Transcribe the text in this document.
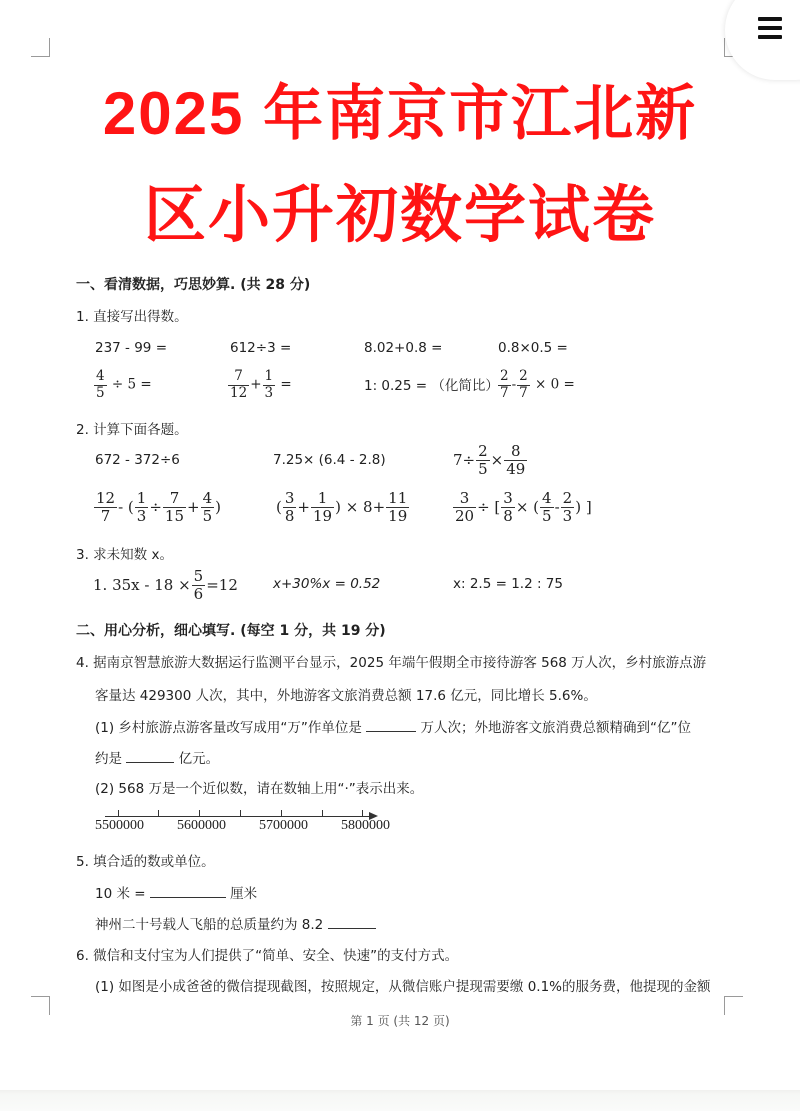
2025 年南京市江北新
区小升初数学试卷
一、看清数据，巧思妙算. (共 28 分)
1. 直接写出得数。
237 - 99 =	612÷3 =	8.02+0.8 =	0.8×0.5 =
$\frac{4}{5} \div 5$ =	$\frac{7}{12} + \frac{1}{3}$ =	1: 0.25 = （化简比） $\frac{2}{7} - \frac{2}{7} \times 0$ =
2. 计算下面各题。
672 - 372÷6	7.25× (6.4 - 2.8)	$7\div \frac{2}{5} \times \frac{8}{49}$
$\frac{12}{7}$ - ( $\frac{1}{3} \div \frac{7}{15} + \frac{4}{5}$ )	( $\frac{3}{8} + \frac{1}{19}$ ) × $8+ \frac{11}{19}$	$\frac{3}{20}$ ÷ [ $\frac{3}{8}$ × ( $\frac{4}{5} - \frac{2}{3}$ ) ]
3. 求未知数 x。
1. $35x - 18 \times \frac{5}{6} =12$	x+30%x = 0.52	x: 2.5 = 1.2 : 75
二、用心分析，细心填写. (每空 1 分，共 19 分)
4. 据南京智慧旅游大数据运行监测平台显示，2025 年端午假期全市接待游客 568 万人次，乡村旅游点游
客量达 429300 人次，其中，外地游客文旅消费总额 17.6 亿元，同比增长 5.6%。
(1) 乡村旅游点游客量改写成用“万”作单位是	万人次；外地游客文旅消费总额精确到“亿”位
约是	亿元。
(2) 568 万是一个近似数，请在数轴上用“·”表示出来。
5500000 5600000 5700000 5800000
5. 填合适的数或单位。
10 米 =	厘米
神州二十号载人飞船的总质量约为 8.2
6. 微信和支付宝为人们提供了“简单、安全、快速”的支付方式。
(1) 如图是小成爸爸的微信提现截图，按照规定，从微信账户提现需要缴 0.1%的服务费，他提现的金额
第 1 页 (共 12 页)
